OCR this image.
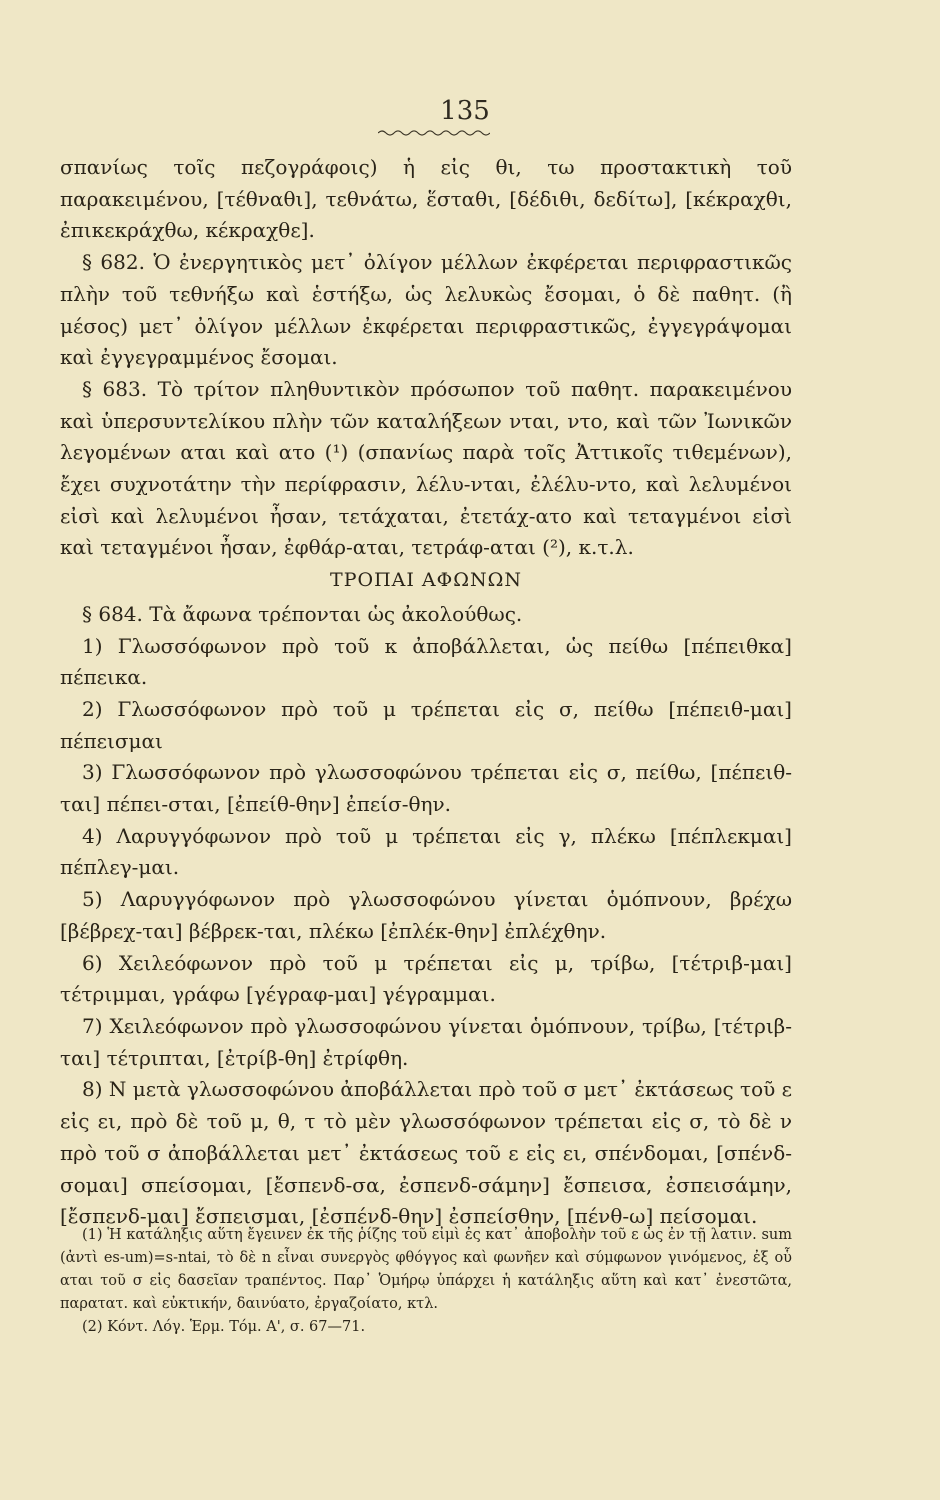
135

σπανίως τοῖς πεζογράφοις) ἡ εἰς θι, τω προστακτικὴ τοῦ παρακειμένου, [τέθναθι], τεθνάτω, ἕσταθι, [δέδιθι, δεδίτω], [κέκραχθι, ἐπικεκράχθω, κέκραχθε].

§ 682. Ὁ ἐνεργητικὸς μετ᾽ ὀλίγον μέλλων ἐκφέρεται περιφραστικῶς πλὴν τοῦ τεθνήξω καὶ ἑστήξω, ὡς λελυκὼς ἔσομαι, ὁ δὲ παθητ. (ἢ μέσος) μετ᾽ ὀλίγον μέλλων ἐκφέρεται περιφραστικῶς, ἐγγεγράψομαι καὶ ἐγγεγραμμένος ἔσομαι.

§ 683. Τὸ τρίτον πληθυντικὸν πρόσωπον τοῦ παθητ. παρακειμένου καὶ ὑπερσυντελίκου πλὴν τῶν καταλήξεων νται, ντο, καὶ τῶν Ἰωνικῶν λεγομένων αται καὶ ατο (¹) (σπανίως παρὰ τοῖς Ἀττικοῖς τιθεμένων), ἔχει συχνοτάτην τὴν περίφρασιν, λέλυ-νται, ἐλέλυ-ντο, καὶ λελυμένοι εἰσὶ καὶ λελυμένοι ἦσαν, τετάχαται, ἐτετάχ-ατο καὶ τεταγμένοι εἰσὶ καὶ τεταγμένοι ἦσαν, ἐφθάρ-αται, τετράφ-αται (²), κ.τ.λ.

ΤΡΟΠΑΙ ΑΦΩΝΩΝ

§ 684. Τὰ ἄφωνα τρέπονται ὡς ἀκολούθως.

1) Γλωσσόφωνον πρὸ τοῦ κ ἀποβάλλεται, ὡς πείθω [πέπειθκα] πέπεικα.

2) Γλωσσόφωνον πρὸ τοῦ μ τρέπεται εἰς σ, πείθω [πέπειθ-μαι] πέπεισμαι

3) Γλωσσόφωνον πρὸ γλωσσοφώνου τρέπεται εἰς σ, πείθω, [πέπειθ-ται] πέπει-σται, [ἐπείθ-θην] ἐπείσ-θην.

4) Λαρυγγόφωνον πρὸ τοῦ μ τρέπεται εἰς γ, πλέκω [πέπλεκμαι] πέπλεγ-μαι.

5) Λαρυγγόφωνον πρὸ γλωσσοφώνου γίνεται ὁμόπνουν, βρέχω [βέβρεχ-ται] βέβρεκ-ται, πλέκω [ἐπλέκ-θην] ἐπλέχθην.

6) Χειλεόφωνον πρὸ τοῦ μ τρέπεται εἰς μ, τρίβω, [τέτριβ-μαι] τέτριμμαι, γράφω [γέγραφ-μαι] γέγραμμαι.

7) Χειλεόφωνον πρὸ γλωσσοφώνου γίνεται ὁμόπνουν, τρίβω, [τέτριβ-ται] τέτριπται, [ἐτρίβ-θη] ἐτρίφθη.

8) Ν μετὰ γλωσσοφώνου ἀποβάλλεται πρὸ τοῦ σ μετ᾽ ἐκτάσεως τοῦ ε εἰς ει, πρὸ δὲ τοῦ μ, θ, τ τὸ μὲν γλωσσόφωνον τρέπεται εἰς σ, τὸ δὲ ν πρὸ τοῦ σ ἀποβάλλεται μετ᾽ ἐκτάσεως τοῦ ε εἰς ει, σπένδομαι, [σπένδ-σομαι] σπείσομαι, [ἔσπενδ-σα, ἐσπενδ-σάμην] ἔσπεισα, ἐσπεισάμην, [ἔσπενδ-μαι] ἔσπεισμαι, [ἐσπένδ-θην] ἐσπείσθην, [πένθ-ω] πείσομαι.

(1) Ἡ κατάληξις αὕτη ἔγεινεν ἐκ τῆς ῥίζης τοῦ εἰμὶ ἐς κατ᾽ ἀποβολὴν τοῦ ε ὡς ἐν τῇ λατιν. sum (ἀντὶ es-um)=s-ntai, τὸ δὲ n εἶναι συνεργὸς φθόγγος καὶ φωνῆεν καὶ σύμφωνον γινόμενος, ἐξ οὗ αται τοῦ σ εἰς δασεῖαν τραπέντος. Παρ᾽ Ὁμήρῳ ὑπάρχει ἡ κατάληξις αὕτη καὶ κατ᾽ ἐνεστῶτα, παρατατ. καὶ εὐκτικήν, δαινύατο, ἐργαζοίατο, κτλ.

(2) Κόντ. Λόγ. Ἑρμ. Τόμ. Α', σ. 67—71.
